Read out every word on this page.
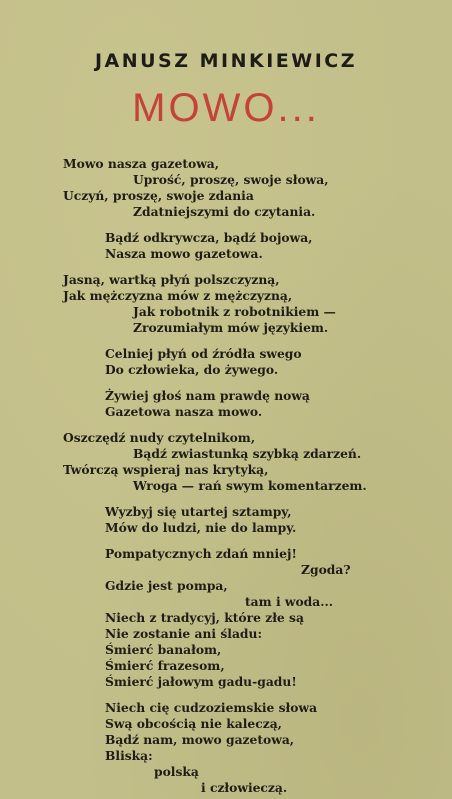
JANUSZ MINKIEWICZ
MOWO...
Mowo nasza gazetowa,
Uprość, proszę, swoje słowa,
Uczyń, proszę, swoje zdania
Zdatniejszymi do czytania.
Bądź odkrywcza, bądź bojowa,
Nasza mowo gazetowa.
Jasną, wartką płyń polszczyzną,
Jak mężczyzna mów z mężczyzną,
Jak robotnik z robotnikiem —
Zrozumiałym mów językiem.
Celniej płyń od źródła swego
Do człowieka, do żywego.
Żywiej głoś nam prawdę nową
Gazetowa nasza mowo.
Oszczędź nudy czytelnikom,
Bądź zwiastunką szybką zdarzeń.
Twórczą wspieraj nas krytyką,
Wroga — rań swym komentarzem.
Wyzbyj się utartej sztampy,
Mów do ludzi, nie do lampy.
Pompatycznych zdań mniej!
Zgoda?
Gdzie jest pompa,
tam i woda...
Niech z tradycyj, które złe są
Nie zostanie ani śladu:
Śmierć banałom,
Śmierć frazesom,
Śmierć jałowym gadu-gadu!
Niech cię cudzoziemskie słowa
Swą obcością nie kaleczą,
Bądź nam, mowo gazetowa,
Bliską:
polską
i człowieczą.
